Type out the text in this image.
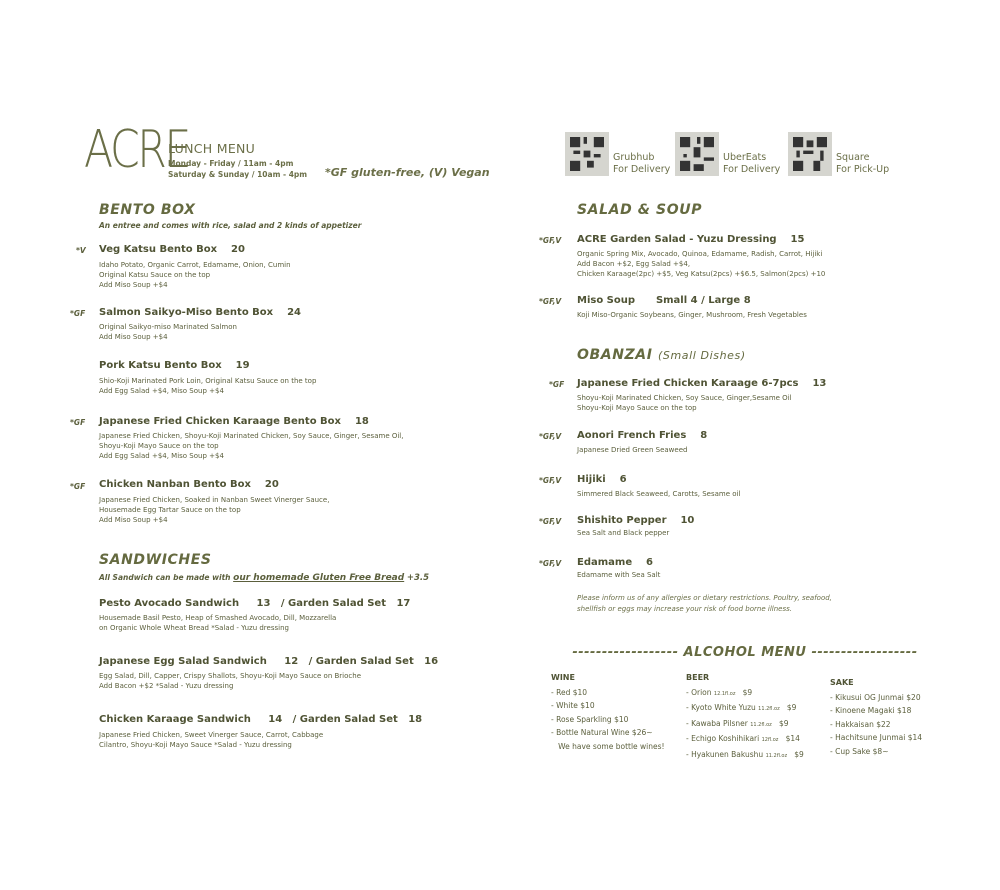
ACRE
LUNCH MENU
Monday - Friday / 11am - 4pm
Saturday & Sunday / 10am - 4pm *GF gluten-free, (V) Vegan
Grubhub
For Delivery
UberEats
For Delivery
Square
For Pick-Up
BENTO BOX
An entree and comes with rice, salad and 2 kinds of appetizer
*V Veg Katsu Bento Box 20
Idaho Potato, Organic Carrot, Edamame, Onion, Cumin
Original Katsu Sauce on the top
Add Miso Soup +$4
*GF Salmon Saikyo-Miso Bento Box 24
Original Saikyo-miso Marinated Salmon
Add Miso Soup +$4
Pork Katsu Bento Box 19
Shio-Koji Marinated Pork Loin, Original Katsu Sauce on the top
Add Egg Salad +$4, Miso Soup +$4
*GF Japanese Fried Chicken Karaage Bento Box 18
Japanese Fried Chicken, Shoyu-Koji Marinated Chicken, Soy Sauce, Ginger, Sesame Oil,
Shoyu-Koji Mayo Sauce on the top
Add Egg Salad +$4, Miso Soup +$4
*GF Chicken Nanban Bento Box 20
Japanese Fried Chicken, Soaked in Nanban Sweet Vinerger Sauce,
Housemade Egg Tartar Sauce on the top
Add Miso Soup +$4
SANDWICHES
All Sandwich can be made with our homemade Gluten Free Bread +3.5
Pesto Avocado Sandwich 13 / Garden Salad Set 17
Housemade Basil Pesto, Heap of Smashed Avocado, Dill, Mozzarella
on Organic Whole Wheat Bread *Salad - Yuzu dressing
Japanese Egg Salad Sandwich 12 / Garden Salad Set 16
Egg Salad, Dill, Capper, Crispy Shallots, Shoyu-Koji Mayo Sauce on Brioche
Add Bacon +$2 *Salad - Yuzu dressing
Chicken Karaage Sandwich 14 / Garden Salad Set 18
Japanese Fried Chicken, Sweet Vinerger Sauce, Carrot, Cabbage
Cilantro, Shoyu-Koji Mayo Sauce *Salad - Yuzu dressing
SALAD & SOUP
*GF,V ACRE Garden Salad - Yuzu Dressing 15
Organic Spring Mix, Avocado, Quinoa, Edamame, Radish, Carrot, Hijiki
Add Bacon +$2, Egg Salad +$4,
Chicken Karaage(2pc) +$5, Veg Katsu(2pcs) +$6.5, Salmon(2pcs) +10
*GF,V Miso Soup Small 4 / Large 8
Koji Miso-Organic Soybeans, Ginger, Mushroom, Fresh Vegetables
OBANZAI (Small Dishes)
*GF Japanese Fried Chicken Karaage 6-7pcs 13
Shoyu-Koji Marinated Chicken, Soy Sauce, Ginger,Sesame Oil
Shoyu-Koji Mayo Sauce on the top
*GF,V Aonori French Fries 8
Japanese Dried Green Seaweed
*GF,V Hijiki 6
Simmered Black Seaweed, Carotts, Sesame oil
*GF,V Shishito Pepper 10
Sea Salt and Black pepper
*GF,V Edamame 6
Edamame with Sea Salt
Please inform us of any allergies or dietary restrictions. Poultry, seafood,
shellfish or eggs may increase your risk of food borne illness.
------------------ ALCOHOL MENU ------------------
WINE
- Red $10
- White $10
- Rose Sparkling $10
- Bottle Natural Wine $26~
We have some bottle wines!
BEER
- Orion 12.1fl.oz $9
- Kyoto White Yuzu 11.2fl.oz $9
- Kawaba Pilsner 11.2fl.oz $9
- Echigo Koshihikari 12fl.oz $14
- Hyakunen Bakushu 11.2fl.oz $9
SAKE
- Kikusui OG Junmai $20
- Kinoene Magaki $18
- Hakkaisan $22
- Hachitsune Junmai $14
- Cup Sake $8~
